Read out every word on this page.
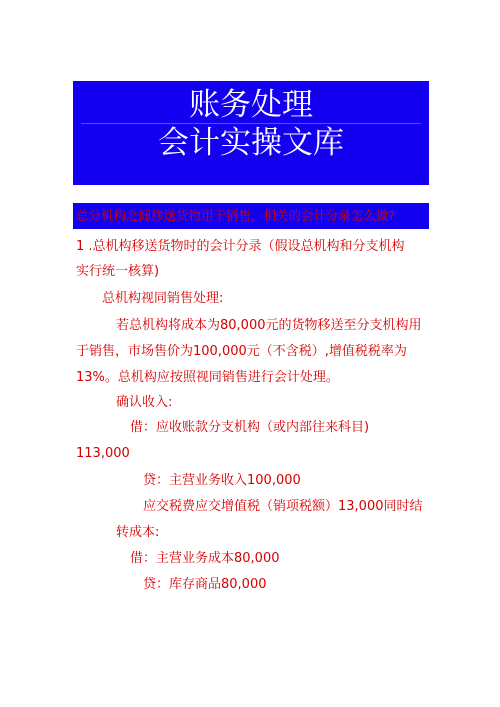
账务处理
会计实操文库
总分机构之间移送货物用于销售，相关的会计分录怎么做?
1 .总机构移送货物时的会计分录（假设总机构和分支机构
实行统一核算)
总机构视同销售处理:
若总机构将成本为80,000元的货物移送至分支机构用
于销售，市场售价为100,000元（不含税）,增值税税率为
13%。总机构应按照视同销售进行会计处理。
确认收入:
借：应收账款分支机构（或内部往来科目)
113,000
贷：主营业务收入100,000
应交税费应交增值税（销项税额）13,000同时结
转成本:
借：主营业务成本80,000
贷：库存商品80,000
